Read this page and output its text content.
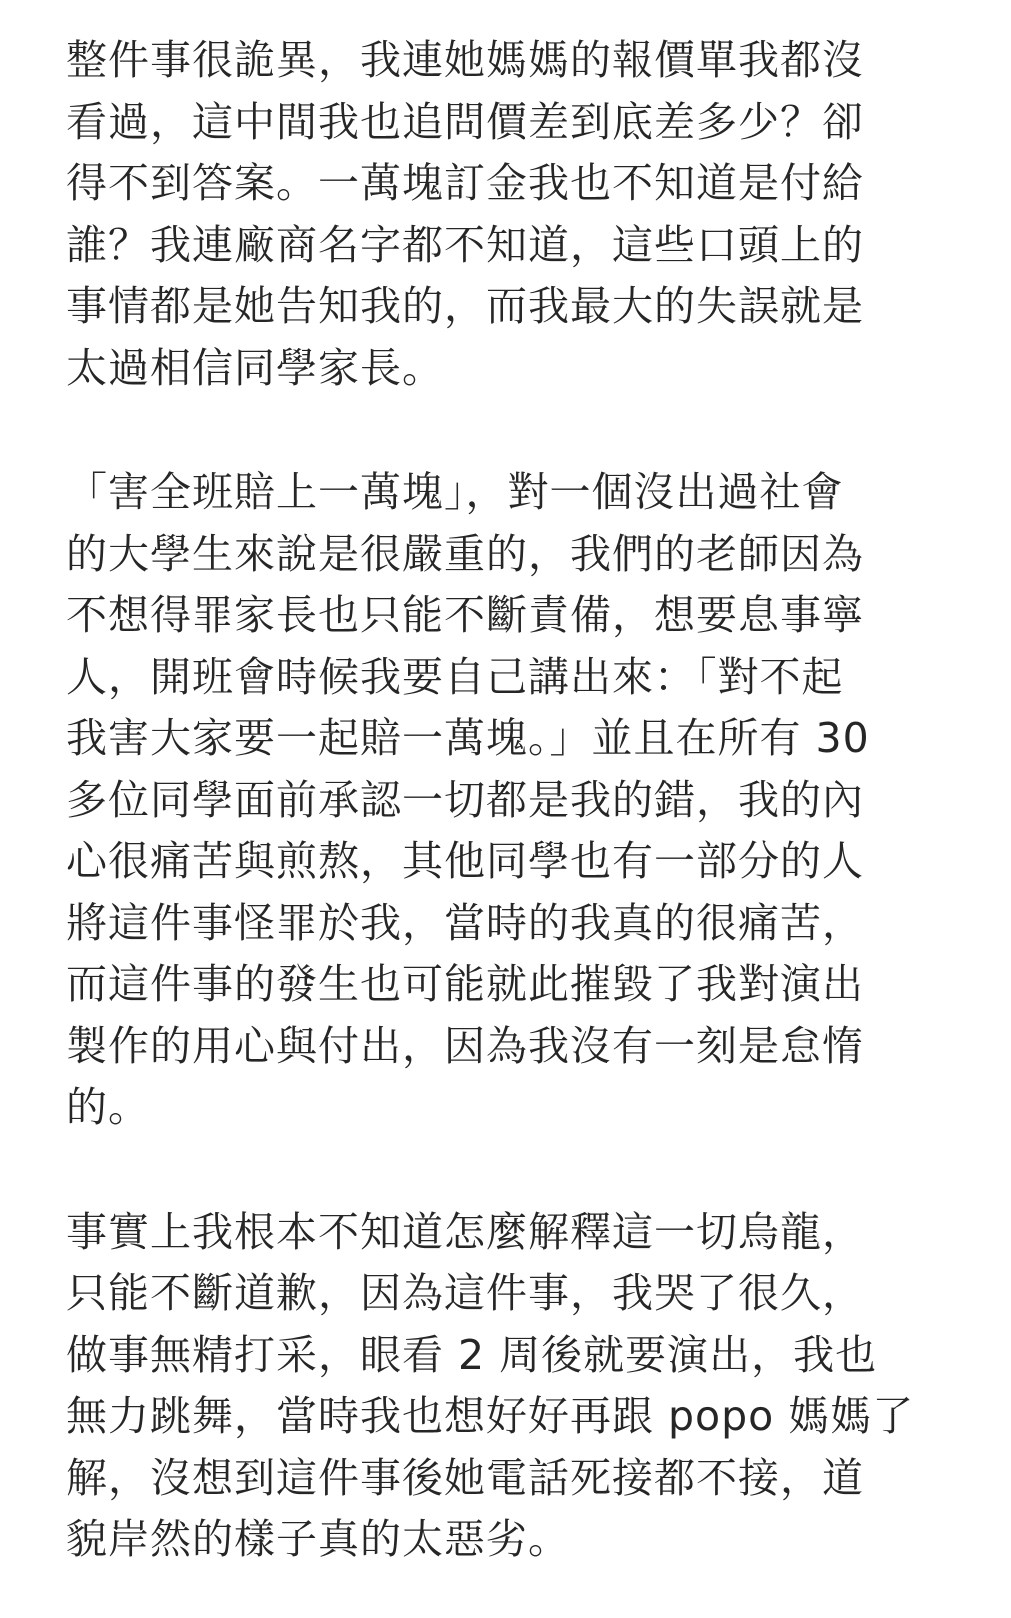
整件事很詭異，我連她媽媽的報價單我都沒
看過，這中間我也追問價差到底差多少？卻
得不到答案。一萬塊訂金我也不知道是付給
誰？我連廠商名字都不知道，這些口頭上的
事情都是她告知我的，而我最大的失誤就是
太過相信同學家長。
「害全班賠上一萬塊」，對一個沒出過社會
的大學生來說是很嚴重的，我們的老師因為
不想得罪家長也只能不斷責備，想要息事寧
人，開班會時候我要自己講出來：「對不起
我害大家要一起賠一萬塊。」並且在所有 30
多位同學面前承認一切都是我的錯，我的內
心很痛苦與煎熬，其他同學也有一部分的人
將這件事怪罪於我，當時的我真的很痛苦，
而這件事的發生也可能就此摧毀了我對演出
製作的用心與付出，因為我沒有一刻是怠惰
的。
事實上我根本不知道怎麼解釋這一切烏龍，
只能不斷道歉，因為這件事，我哭了很久，
做事無精打采，眼看 2 周後就要演出，我也
無力跳舞，當時我也想好好再跟 popo 媽媽了
解，沒想到這件事後她電話死接都不接，道
貌岸然的樣子真的太惡劣。
